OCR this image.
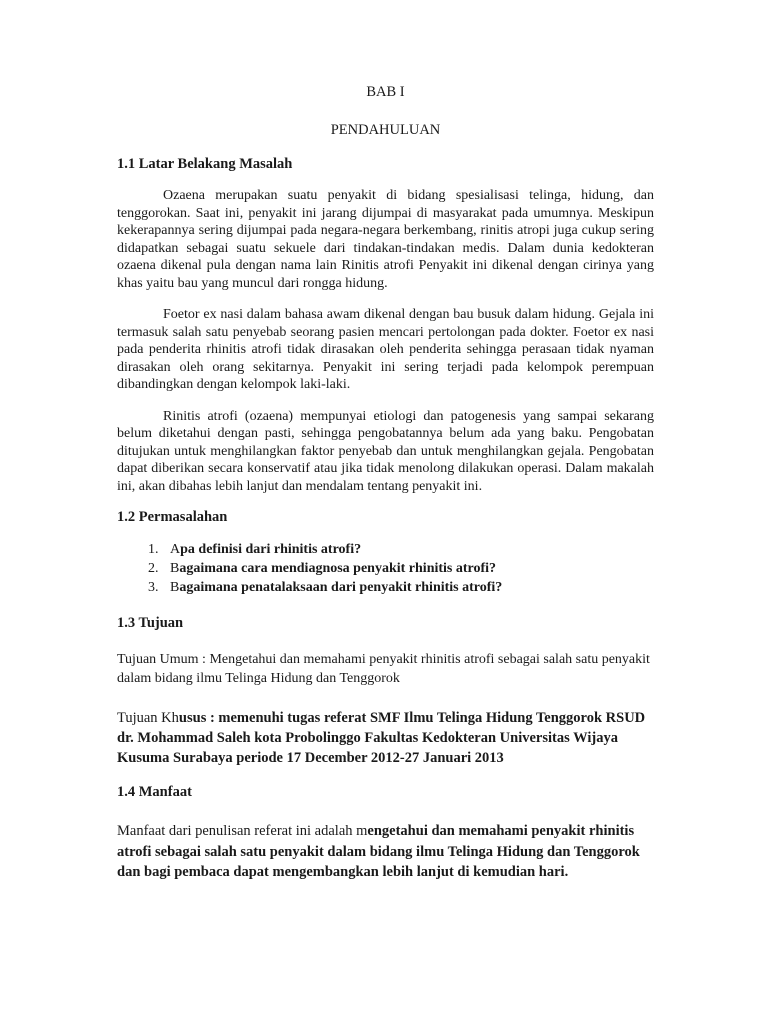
BAB I
PENDAHULUAN
1.1 Latar Belakang Masalah

Ozaena merupakan suatu penyakit di bidang spesialisasi telinga, hidung, dan tenggorokan. Saat ini, penyakit ini jarang dijumpai di masyarakat pada umumnya. Meskipun kekerapannya sering dijumpai pada negara-negara berkembang, rinitis atropi juga cukup sering didapatkan sebagai suatu sekuele dari tindakan-tindakan medis. Dalam dunia kedokteran ozaena dikenal pula dengan nama lain Rinitis atrofi Penyakit ini dikenal dengan cirinya yang khas yaitu bau yang muncul dari rongga hidung.

Foetor ex nasi dalam bahasa awam dikenal dengan bau busuk dalam hidung. Gejala ini termasuk salah satu penyebab seorang pasien mencari pertolongan pada dokter. Foetor ex nasi pada penderita rhinitis atrofi tidak dirasakan oleh penderita sehingga perasaan tidak nyaman dirasakan oleh orang sekitarnya. Penyakit ini sering terjadi pada kelompok perempuan dibandingkan dengan kelompok laki-laki.

Rinitis atrofi (ozaena) mempunyai etiologi dan patogenesis yang sampai sekarang belum diketahui dengan pasti, sehingga pengobatannya belum ada yang baku. Pengobatan ditujukan untuk menghilangkan faktor penyebab dan untuk menghilangkan gejala. Pengobatan dapat diberikan secara konservatif atau jika tidak menolong dilakukan operasi. Dalam makalah ini, akan dibahas lebih lanjut dan mendalam tentang penyakit ini.

1.2 Permasalahan
1. Apa definisi dari rhinitis atrofi?
2. Bagaimana cara mendiagnosa penyakit rhinitis atrofi?
3. Bagaimana penatalaksaan dari penyakit rhinitis atrofi?
1.3 Tujuan

Tujuan Umum : Mengetahui dan memahami penyakit rhinitis atrofi sebagai salah satu penyakit dalam bidang ilmu Telinga Hidung dan Tenggorok

Tujuan Khusus : memenuhi tugas referat SMF Ilmu Telinga Hidung Tenggorok RSUD dr. Mohammad Saleh kota Probolinggo Fakultas Kedokteran Universitas Wijaya Kusuma Surabaya periode 17 December 2012-27 Januari 2013

1.4 Manfaat

Manfaat dari penulisan referat ini adalah mengetahui dan memahami penyakit rhinitis atrofi sebagai salah satu penyakit dalam bidang ilmu Telinga Hidung dan Tenggorok dan bagi pembaca dapat mengembangkan lebih lanjut di kemudian hari.
